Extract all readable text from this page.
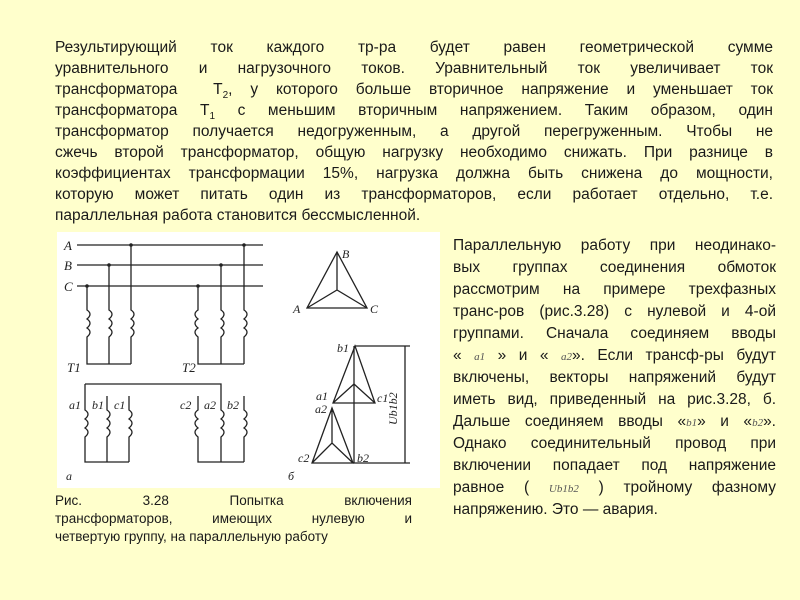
Результирующий ток каждого тр-ра будет равен геометрической сумме
уравнительного и нагрузочного токов. Уравнительный ток увеличивает ток
трансформатора $T_2$, у которого больше вторичное напряжение и уменьшает ток
трансформатора $T_1$ с меньшим вторичным напряжением. Таким образом, один
трансформатор получается недогруженным, а другой перегруженным. Чтобы не
сжечь второй трансформатор, общую нагрузку необходимо снижать. При разнице в
коэффициентах трансформации 15%, нагрузка должна быть снижена до мощности,
которую может питать один из трансформаторов, если работает отдельно, т.е.
параллельная работа становится бессмысленной.
A
B
C
T1	T2
a1 b1 c1	c2 a2 b2
а	б
B
A	C
b1
a1	c1
a2
c2	b2
Ub1b2
Параллельную работу при неодинако-
вых группах соединения обмоток
рассмотрим на примере трехфазных
транс-ров (рис.3.28) с нулевой и 4-ой
группами. Сначала соединяем вводы
« a1 » и « a2». Если трансф-ры будут
включены, векторы напряжений будут
иметь вид, приведенный на рис.3.28, б.
Дальше соединяем вводы «b1» и «b2».
Однако соединительный провод при
включении попадает под напряжение
равное ( Ub1b2 ) тройному фазному
напряжению. Это — авария.
Рис. 3.28 Попытка включения
трансформаторов, имеющих нулевую и
четвертую группу, на параллельную работу
